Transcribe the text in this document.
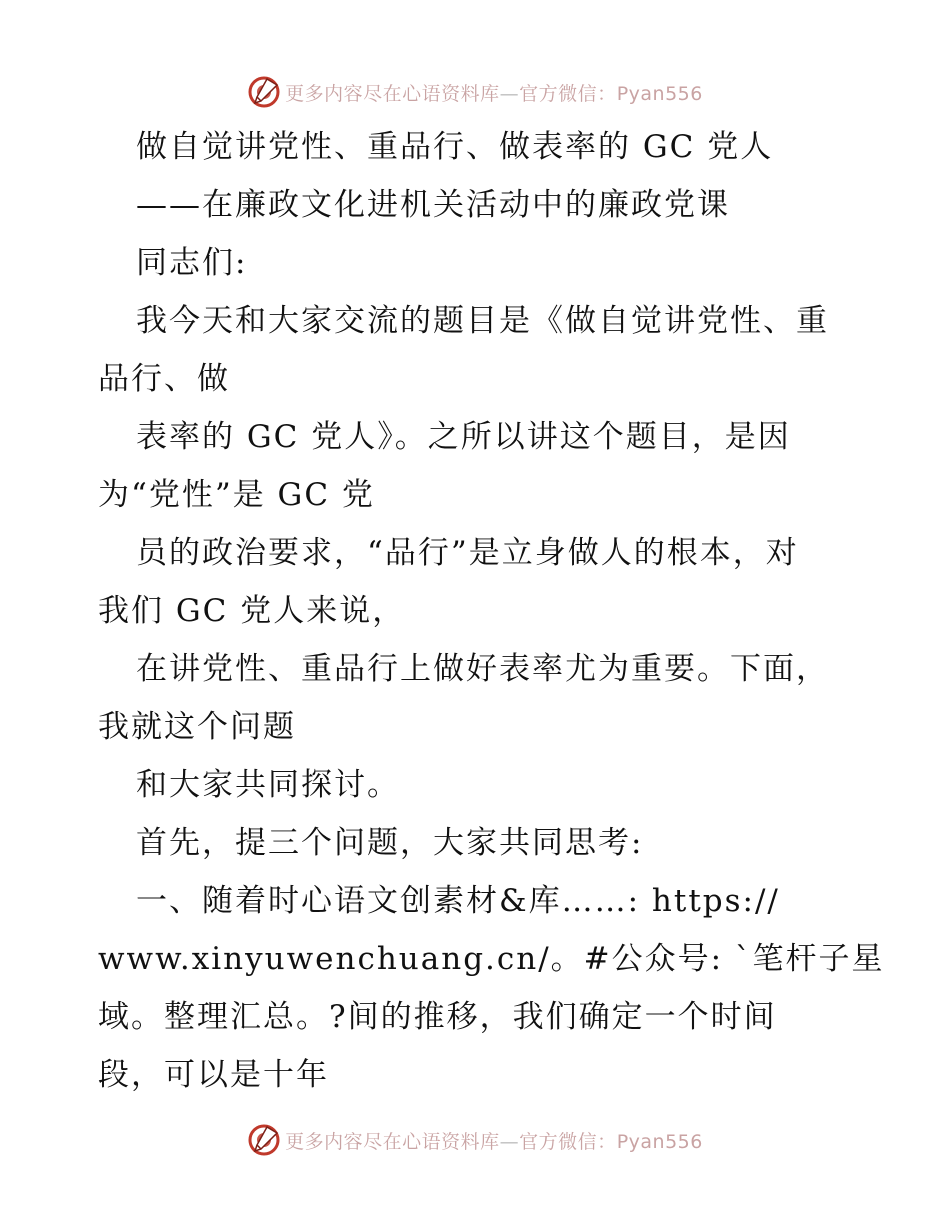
更多内容尽在心语资料库—官方微信：Pyan556
做自觉讲党性、重品行、做表率的 GC 党人
——在廉政文化进机关活动中的廉政党课
同志们:
我今天和大家交流的题目是《做自觉讲党性、重
品行、做
表率的 GC 党人》。之所以讲这个题目，是因
为“党性”是 GC 党
员的政治要求，“品行”是立身做人的根本，对
我们 GC 党人来说，
在讲党性、重品行上做好表率尤为重要。下面，
我就这个问题
和大家共同探讨。
首先，提三个问题，大家共同思考:
一、随着时心语文创素材&库……: https://
www.xinyuwenchuang.cn/。#公众号: `笔杆子星
域。整理汇总。?间的推移，我们确定一个时间
段，可以是十年
更多内容尽在心语资料库—官方微信：Pyan556
